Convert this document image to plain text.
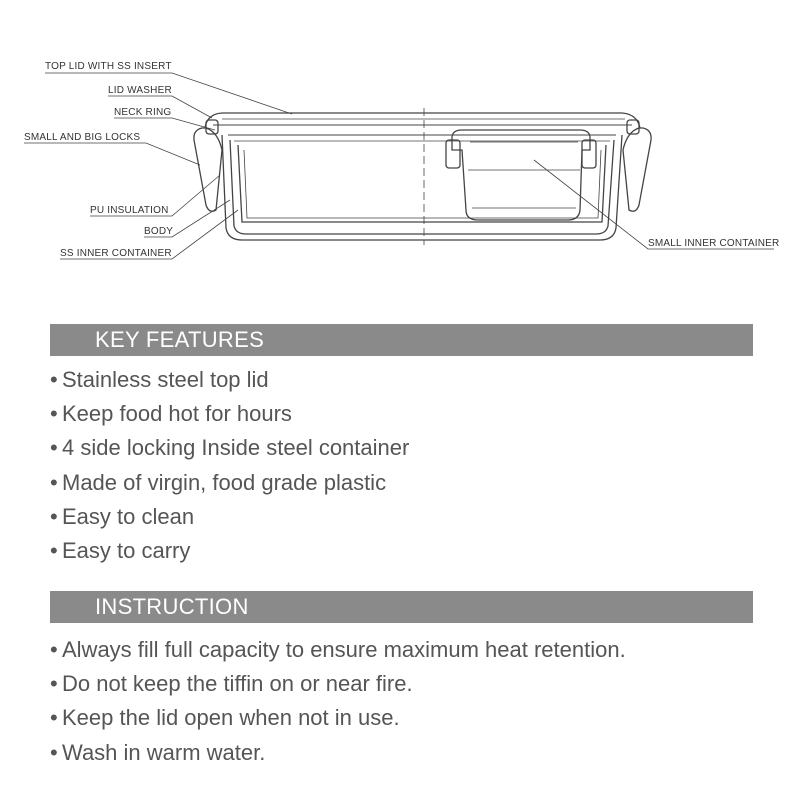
TOP LID WITH SS INSERT
LID WASHER
NECK RING
SMALL AND BIG LOCKS
PU INSULATION
BODY
SS INNER CONTAINER
SMALL INNER CONTAINER
KEY FEATURES
• Stainless steel top lid
• Keep food hot for hours
• 4 side locking Inside steel container
• Made of virgin, food grade plastic
• Easy to clean
• Easy to carry
INSTRUCTION
• Always fill full capacity to ensure maximum heat retention.
• Do not keep the tiffin on or near fire.
• Keep the lid open when not in use.
• Wash in warm water.
